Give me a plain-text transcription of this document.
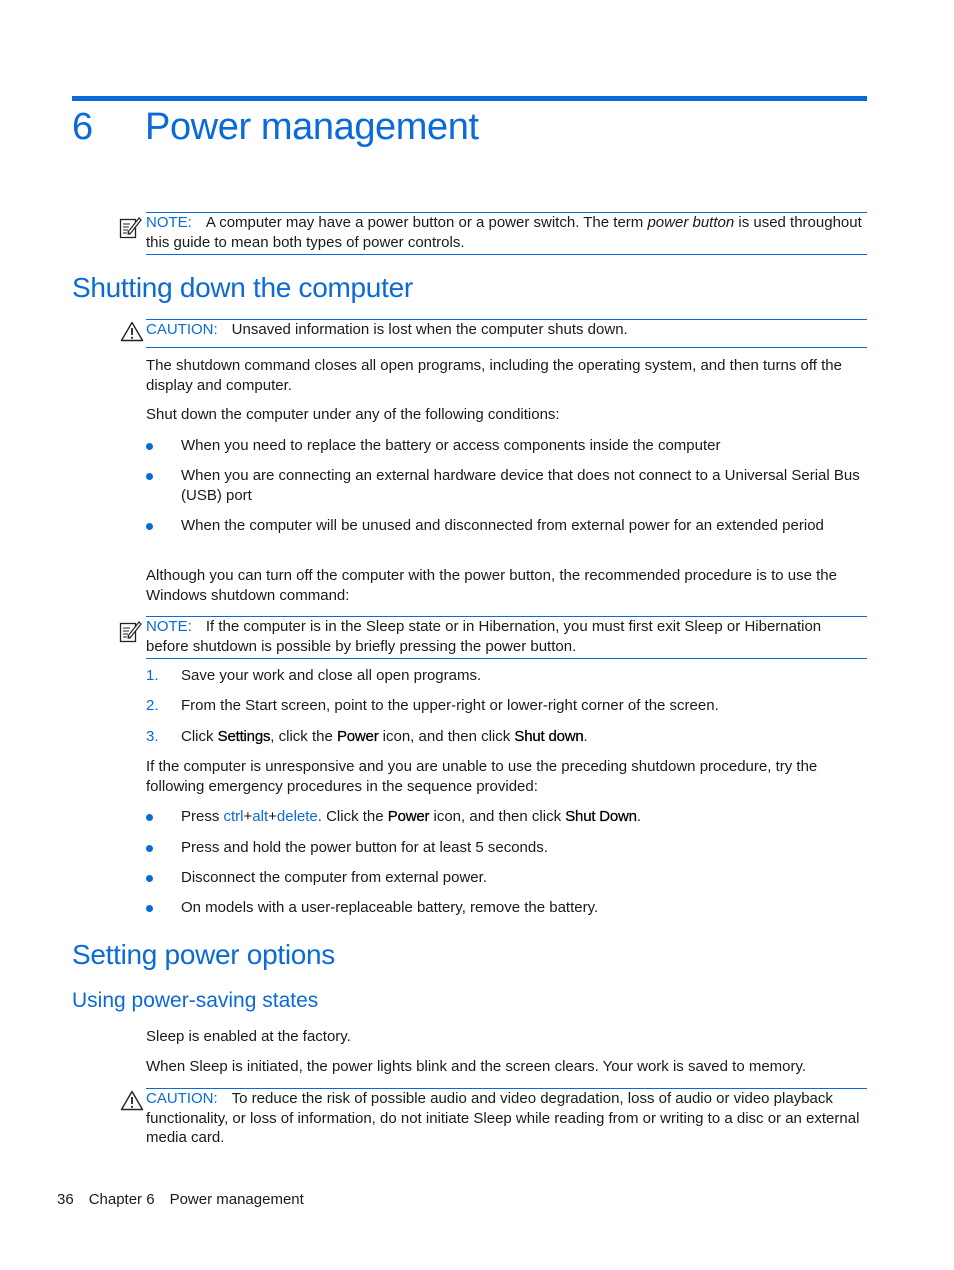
6 Power management
NOTE: A computer may have a power button or a power switch. The term power button is used throughout this guide to mean both types of power controls.
Shutting down the computer
CAUTION: Unsaved information is lost when the computer shuts down.
The shutdown command closes all open programs, including the operating system, and then turns off the display and computer.
Shut down the computer under any of the following conditions:
When you need to replace the battery or access components inside the computer
When you are connecting an external hardware device that does not connect to a Universal Serial Bus (USB) port
When the computer will be unused and disconnected from external power for an extended period
Although you can turn off the computer with the power button, the recommended procedure is to use the Windows shutdown command:
NOTE: If the computer is in the Sleep state or in Hibernation, you must first exit Sleep or Hibernation before shutdown is possible by briefly pressing the power button.
1. Save your work and close all open programs.
2. From the Start screen, point to the upper-right or lower-right corner of the screen.
3. Click Settings, click the Power icon, and then click Shut down.
If the computer is unresponsive and you are unable to use the preceding shutdown procedure, try the following emergency procedures in the sequence provided:
Press ctrl+alt+delete. Click the Power icon, and then click Shut Down.
Press and hold the power button for at least 5 seconds.
Disconnect the computer from external power.
On models with a user-replaceable battery, remove the battery.
Setting power options
Using power-saving states
Sleep is enabled at the factory.
When Sleep is initiated, the power lights blink and the screen clears. Your work is saved to memory.
CAUTION: To reduce the risk of possible audio and video degradation, loss of audio or video playback functionality, or loss of information, do not initiate Sleep while reading from or writing to a disc or an external media card.
36 Chapter 6 Power management
